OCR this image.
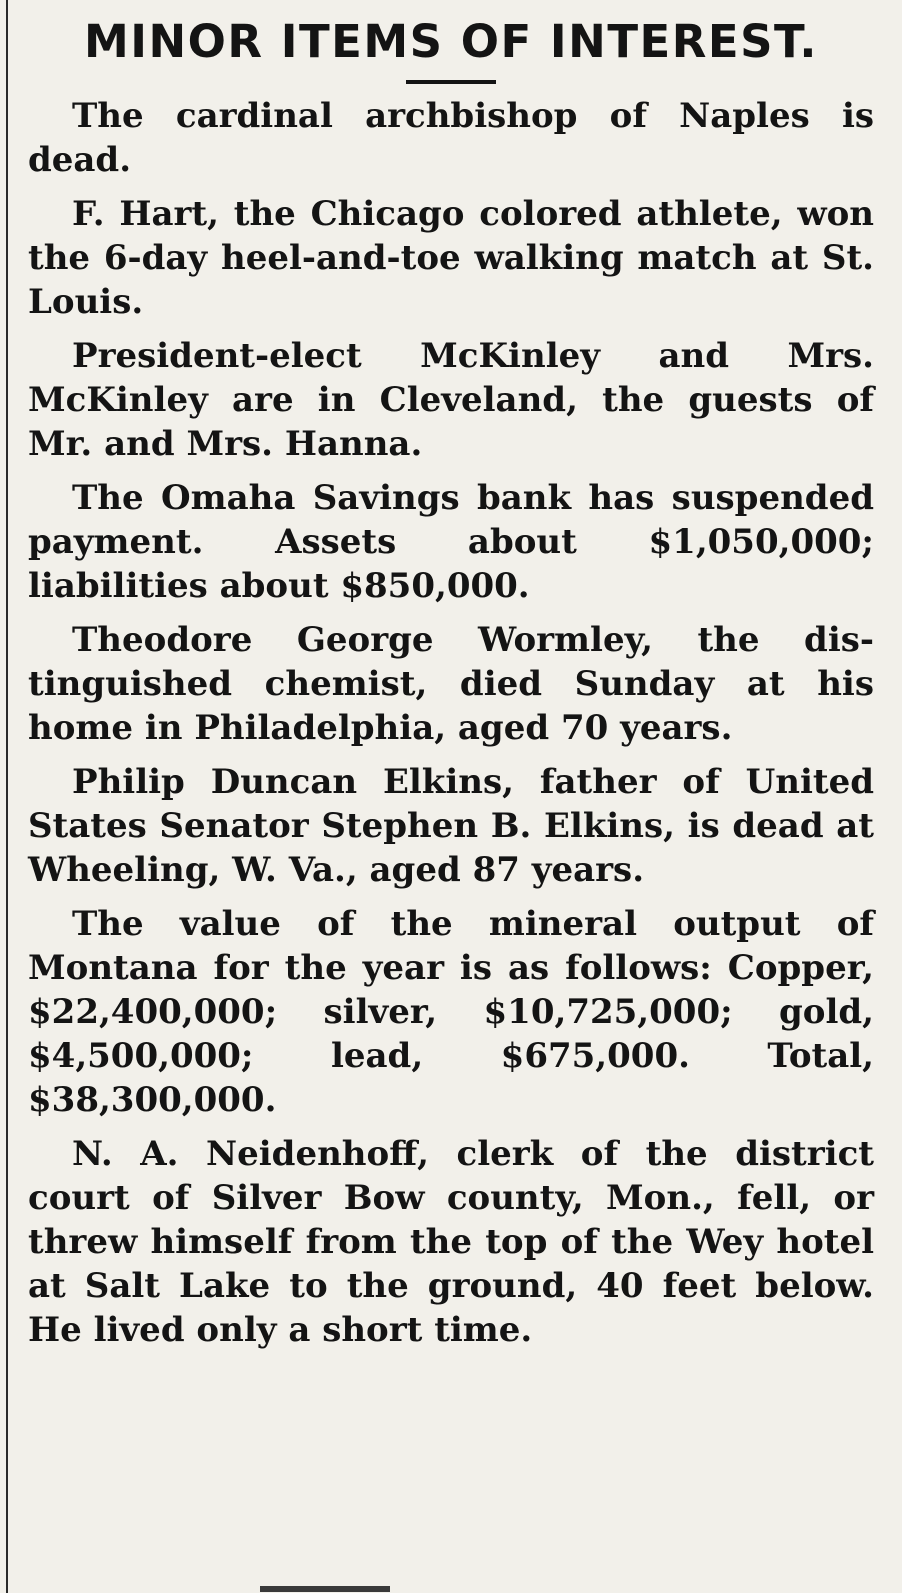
MINOR ITEMS OF INTEREST.

The cardinal archbishop of Naples is dead.

F. Hart, the Chicago colored athlete, won the 6-day heel-and-toe walking match at St. Louis.

President-elect McKinley and Mrs. McKinley are in Cleveland, the guests of Mr. and Mrs. Hanna.

The Omaha Savings bank has suspended payment. Assets about $1,050,000; liabilities about $850,000.

Theodore George Wormley, the distinguished chemist, died Sunday at his home in Philadelphia, aged 70 years.

Philip Duncan Elkins, father of United States Senator Stephen B. Elkins, is dead at Wheeling, W. Va., aged 87 years.

The value of the mineral output of Montana for the year is as follows: Copper, $22,400,000; silver, $10,725,000; gold, $4,500,000; lead, $675,000. Total, $38,300,000.

N. A. Neidenhoff, clerk of the district court of Silver Bow county, Mon., fell, or threw himself from the top of the Wey hotel at Salt Lake to the ground, 40 feet below. He lived only a short time.
